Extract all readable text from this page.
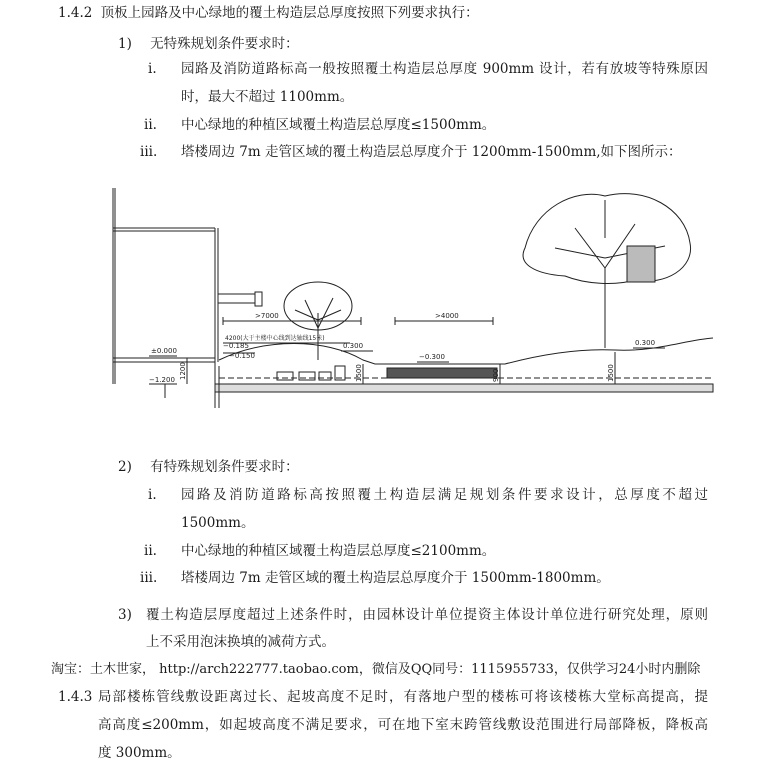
1.4.2 顶板上园路及中心绿地的覆土构造层总厚度按照下列要求执行：
1) 无特殊规划条件要求时：
i. 园路及消防道路标高一般按照覆土构造层总厚度 900mm 设计，若有放坡等特殊原因
时，最大不超过 1100mm。
ii. 中心绿地的种植区域覆土构造层总厚度≤1500mm。
iii. 塔楼周边 7m 走管区域的覆土构造层总厚度介于 1200mm-1500mm,如下图所示：
>7000	>4000
4200(大于主楼中心线到达轴线15米)
±0.000
−0.185
−0.150
−1.200
0.300
−0.300
0.300
1200	1500	900	1500
2) 有特殊规划条件要求时：
i. 园路及消防道路标高按照覆土构造层满足规划条件要求设计，总厚度不超过
1500mm。
ii. 中心绿地的种植区域覆土构造层总厚度≤2100mm。
iii. 塔楼周边 7m 走管区域的覆土构造层总厚度介于 1500mm-1800mm。
3) 覆土构造层厚度超过上述条件时，由园林设计单位提资主体设计单位进行研究处理，原则
上不采用泡沫换填的减荷方式。
淘宝：土木世家， http://arch222777.taobao.com，微信及QQ同号：1115955733，仅供学习24小时内删除
1.4.3 局部楼栋管线敷设距离过长、起坡高度不足时，有落地户型的楼栋可将该楼栋大堂标高提高，提
高高度≤200mm，如起坡高度不满足要求，可在地下室末跨管线敷设范围进行局部降板，降板高
度 300mm。
